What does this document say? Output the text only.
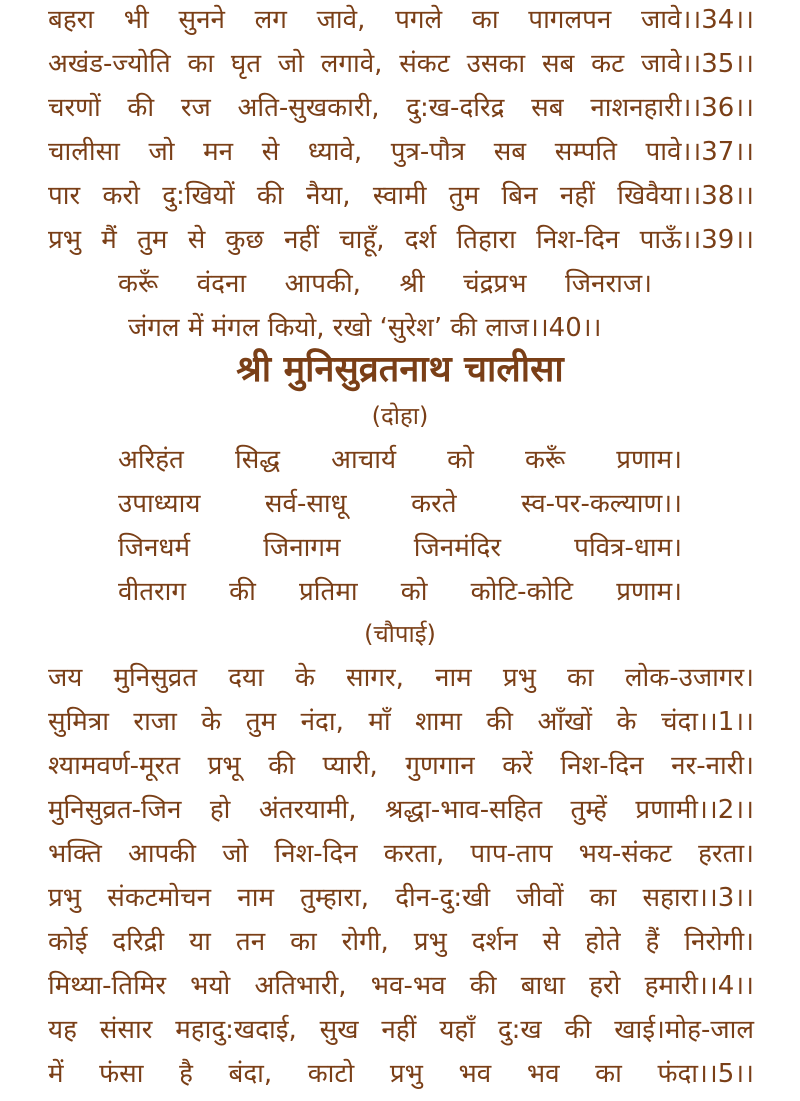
बहरा भी सुनने लग जावे, पगले का पागलपन जावे।।34।।
अखंड-ज्योति का घृत जो लगावे, संकट उसका सब कट जावे।।35।।
चरणों की रज अति-सुखकारी, दु:ख-दरिद्र सब नाशनहारी।।36।।
चालीसा जो मन से ध्यावे, पुत्र-पौत्र सब सम्पति पावे।।37।।
पार करो दु:खियों की नैया, स्वामी तुम बिन नहीं खिवैया।।38।।
प्रभु मैं तुम से कुछ नहीं चाहूँ, दर्श तिहारा निश-दिन पाऊँ।।39।।
करूँ वंदना आपकी, श्री चंद्रप्रभ जिनराज।
जंगल में मंगल कियो, रखो ‘सुरेश’ की लाज।।40।।
श्री मुनिसुव्रतनाथ चालीसा
(दोहा)
अरिहंत सिद्ध आचार्य को करूँ प्रणाम।
उपाध्याय सर्व-साधू करते स्व-पर-कल्याण।।
जिनधर्म जिनागम जिनमंदिर पवित्र-धाम।
वीतराग की प्रतिमा को कोटि-कोटि प्रणाम।
(चौपाई)
जय मुनिसुव्रत दया के सागर, नाम प्रभु का लोक-उजागर।
सुमित्रा राजा के तुम नंदा, माँ शामा की आँखों के चंदा।।1।।
श्यामवर्ण-मूरत प्रभू की प्यारी, गुणगान करें निश-दिन नर-नारी।
मुनिसुव्रत-जिन हो अंतरयामी, श्रद्धा-भाव-सहित तुम्हें प्रणामी।।2।।
भक्ति आपकी जो निश-दिन करता, पाप-ताप भय-संकट हरता।
प्रभु संकटमोचन नाम तुम्हारा, दीन-दु:खी जीवों का सहारा।।3।।
कोई दरिद्री या तन का रोगी, प्रभु दर्शन से होते हैं निरोगी।
मिथ्या-तिमिर भयो अतिभारी, भव-भव की बाधा हरो हमारी।।4।।
यह संसार महादु:खदाई, सुख नहीं यहाँ दु:ख की खाई।मोह-जाल
में फंसा है बंदा, काटो प्रभु भव भव का फंदा।।5।।
